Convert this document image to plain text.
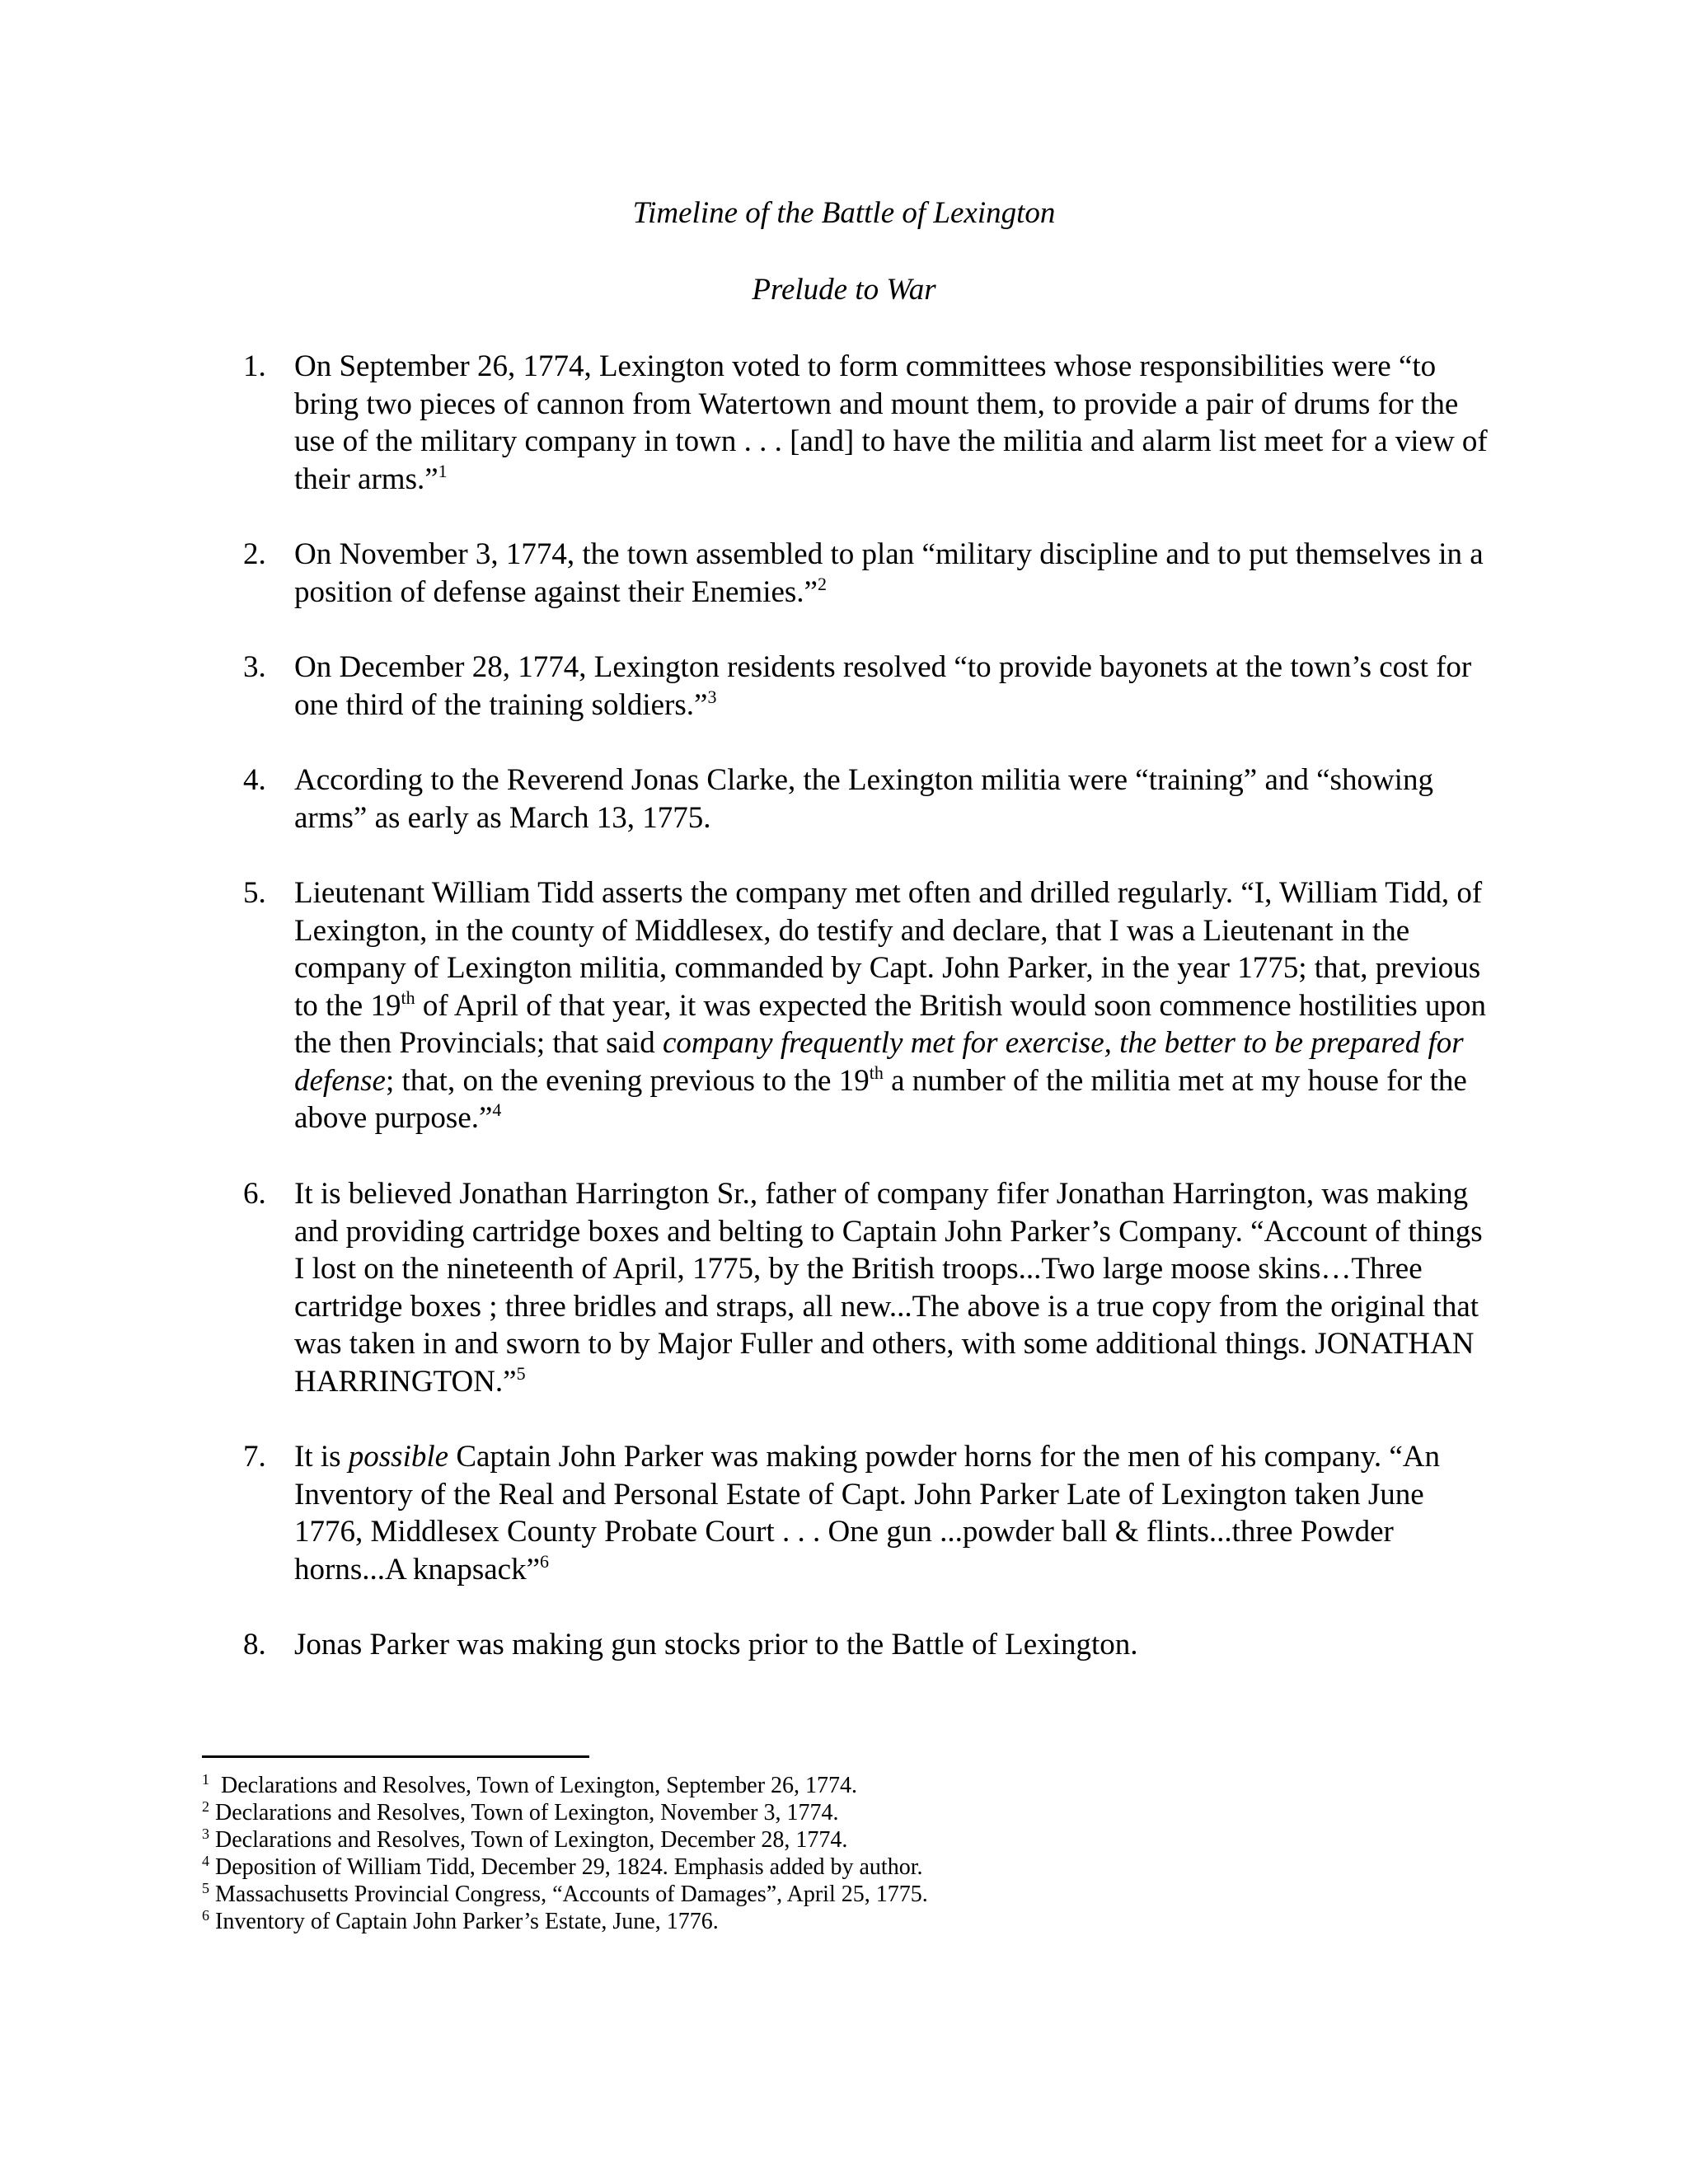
Timeline of the Battle of Lexington
Prelude to War
1. On September 26, 1774, Lexington voted to form committees whose responsibilities were “to bring two pieces of cannon from Watertown and mount them, to provide a pair of drums for the use of the military company in town . . . [and] to have the militia and alarm list meet for a view of their arms.”$^1$
2. On November 3, 1774, the town assembled to plan “military discipline and to put themselves in a position of defense against their Enemies.”$^2$
3. On December 28, 1774, Lexington residents resolved “to provide bayonets at the town’s cost for one third of the training soldiers.”$^3$
4. According to the Reverend Jonas Clarke, the Lexington militia were “training” and “showing arms” as early as March 13, 1775.
5. Lieutenant William Tidd asserts the company met often and drilled regularly. “I, William Tidd, of Lexington, in the county of Middlesex, do testify and declare, that I was a Lieutenant in the company of Lexington militia, commanded by Capt. John Parker, in the year 1775; that, previous to the 19th of April of that year, it was expected the British would soon commence hostilities upon the then Provincials; that said company frequently met for exercise, the better to be prepared for defense; that, on the evening previous to the 19th a number of the militia met at my house for the above purpose.”$^4$
6. It is believed Jonathan Harrington Sr., father of company fifer Jonathan Harrington, was making and providing cartridge boxes and belting to Captain John Parker’s Company. “Account of things I lost on the nineteenth of April, 1775, by the British troops...Two large moose skins…Three cartridge boxes ; three bridles and straps, all new...The above is a true copy from the original that was taken in and sworn to by Major Fuller and others, with some additional things. JONATHAN HARRINGTON.”$^5$
7. It is possible Captain John Parker was making powder horns for the men of his company. “An Inventory of the Real and Personal Estate of Capt. John Parker Late of Lexington taken June 1776, Middlesex County Probate Court . . . One gun ...powder ball & flints...three Powder horns...A knapsack”$^6$
8. Jonas Parker was making gun stocks prior to the Battle of Lexington.
$^1$  Declarations and Resolves, Town of Lexington, September 26, 1774.
$^2$ Declarations and Resolves, Town of Lexington, November 3, 1774.
$^3$ Declarations and Resolves, Town of Lexington, December 28, 1774.
$^4$ Deposition of William Tidd, December 29, 1824. Emphasis added by author.
$^5$ Massachusetts Provincial Congress, “Accounts of Damages”, April 25, 1775.
$^6$ Inventory of Captain John Parker’s Estate, June, 1776.
